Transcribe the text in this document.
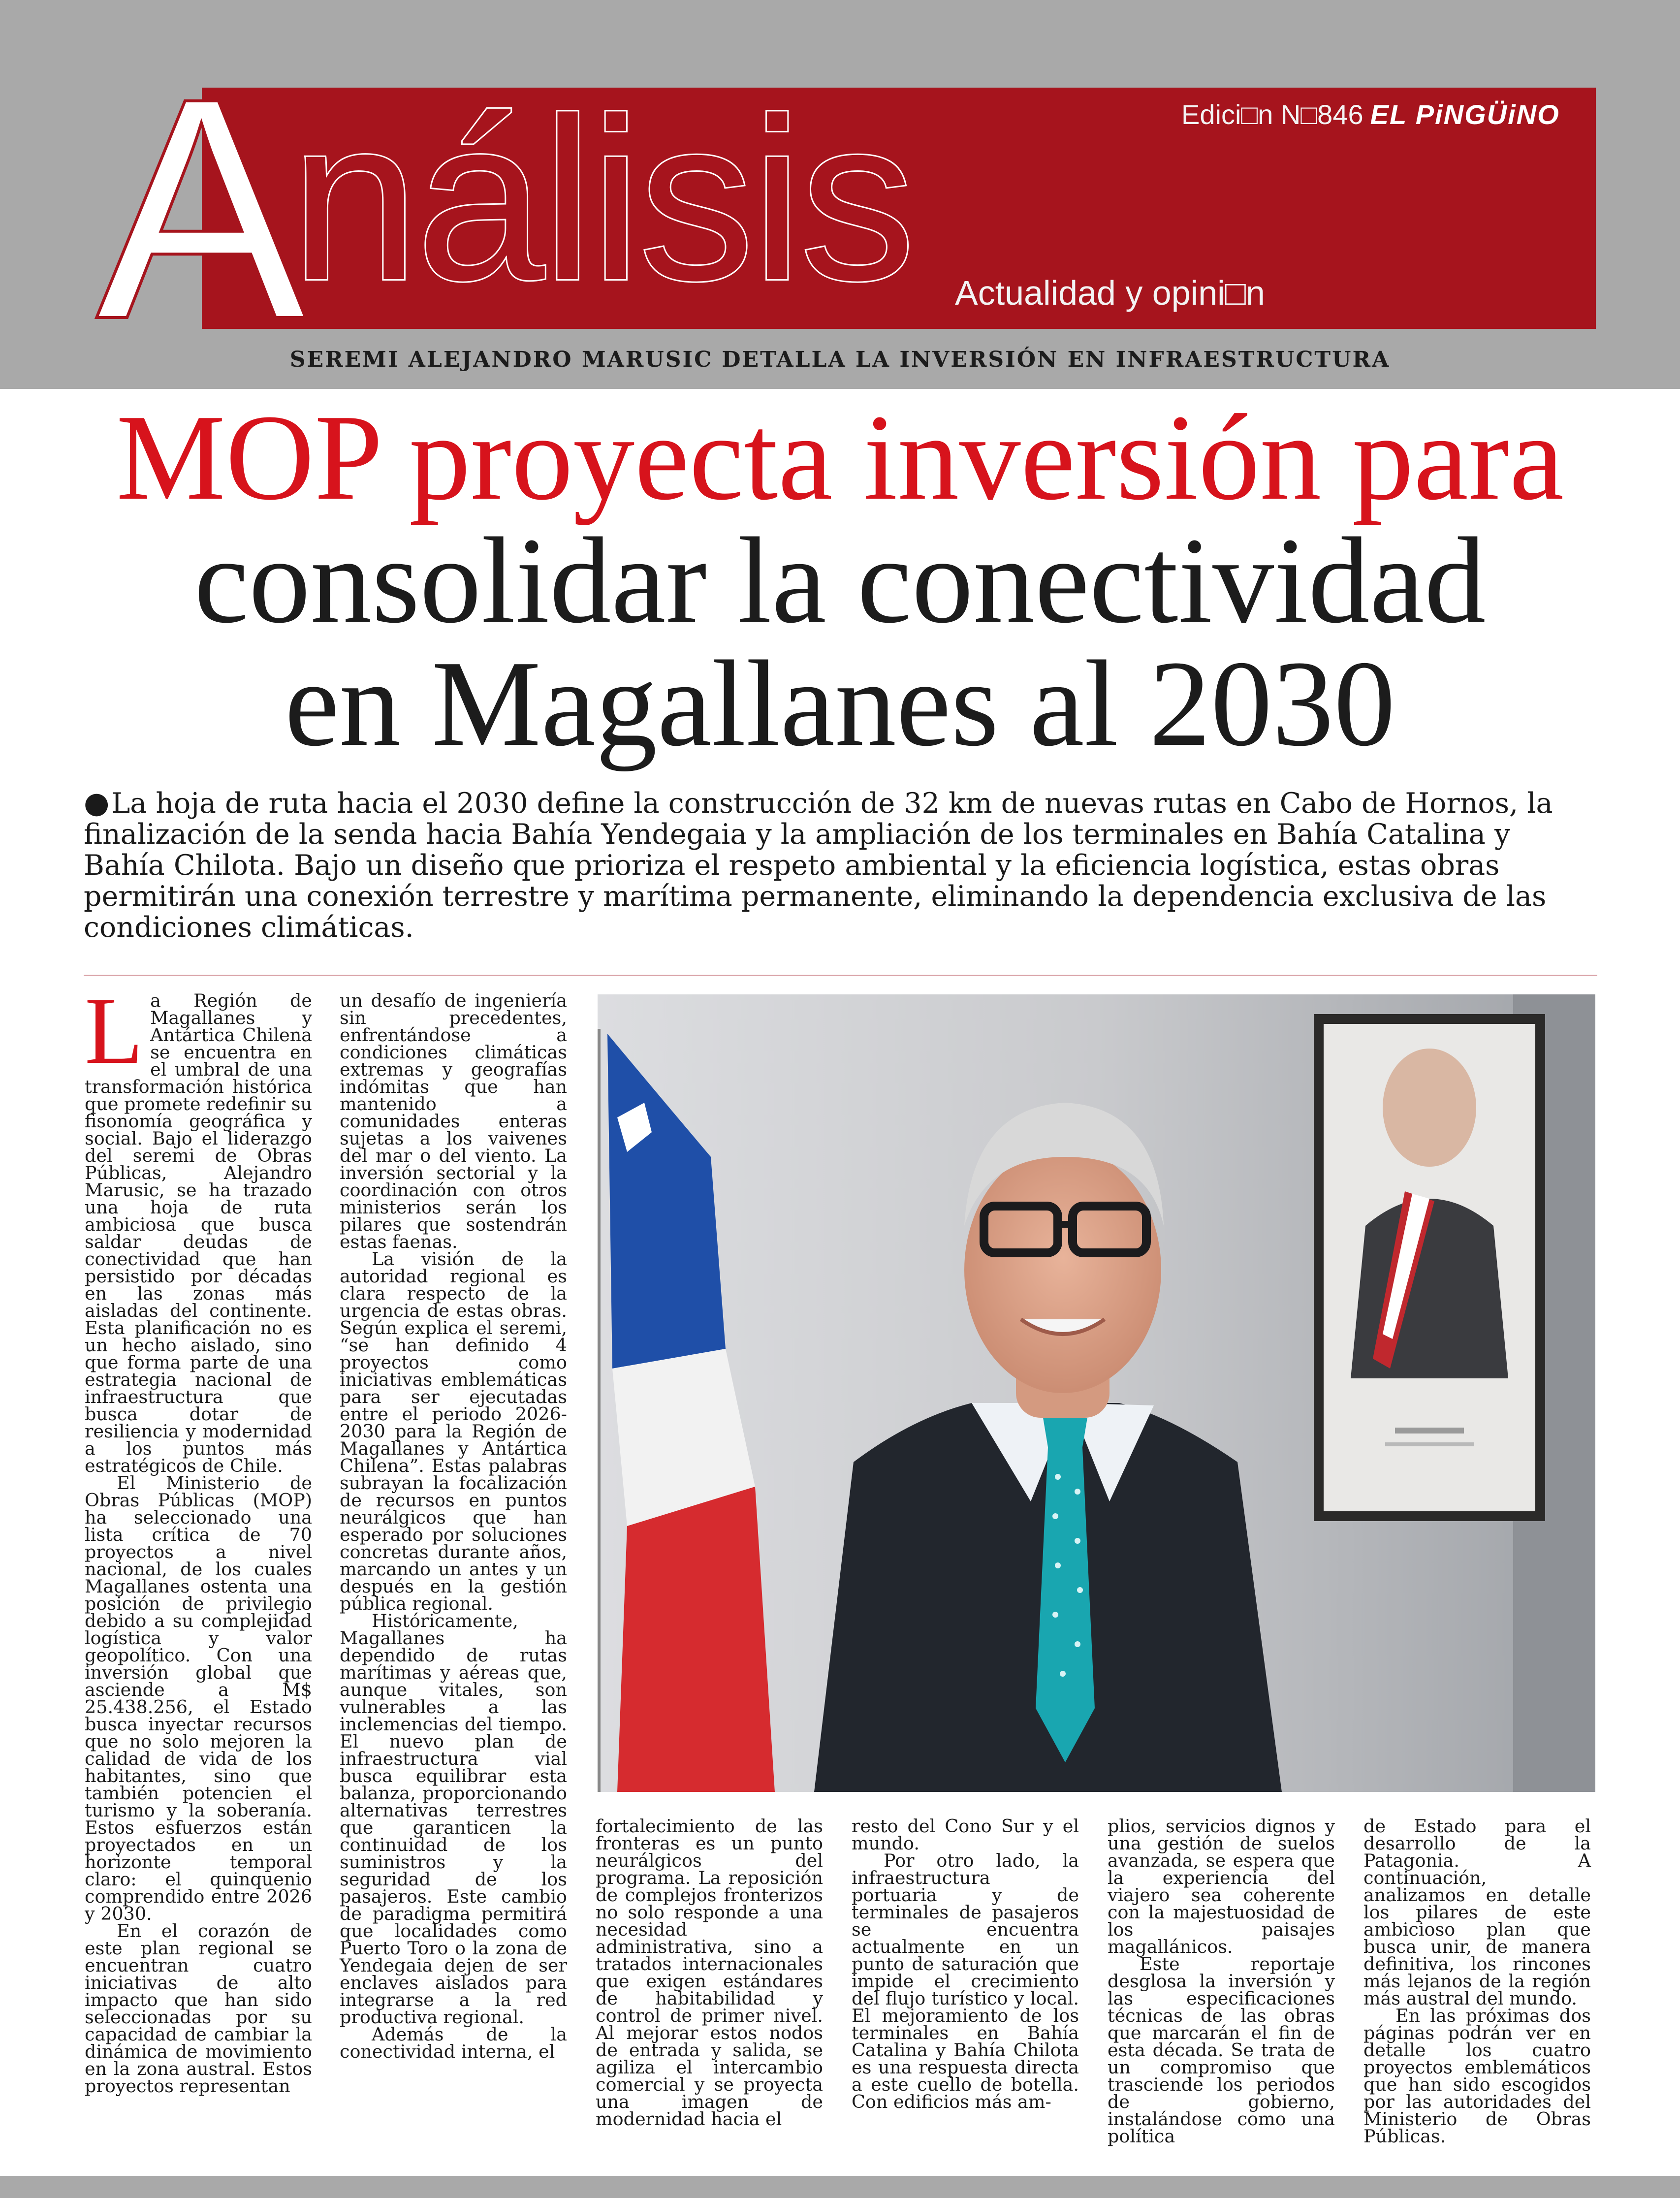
A
nálisis	Edici□n N□846 EL PiNGÜiNO
Actualidad y opini□n
SEREMI ALEJANDRO MARUSIC DETALLA LA INVERSIÓN EN INFRAESTRUCTURA
MOP proyecta inversión para
consolidar la conectividad
en Magallanes al 2030
●La hoja de ruta hacia el 2030 define la construcción de 32 km de nuevas rutas en Cabo de Hornos, la finalización de la senda hacia Bahía Yendegaia y la ampliación de los terminales en Bahía Catalina y Bahía Chilota. Bajo un diseño que prioriza el respeto ambiental y la eficiencia logística, estas obras permitirán una conexión terrestre y marítima permanente, eliminando la dependencia exclusiva de las condiciones climáticas.

La Región de Magallanes y Antártica Chilena se encuentra en el umbral de una transformación histórica que promete redefinir su fisonomía geográfica y social. Bajo el liderazgo del seremi de Obras Públicas, Alejandro Marusic, se ha trazado una hoja de ruta ambiciosa que busca saldar deudas de conectividad que han persistido por décadas en las zonas más aisladas del continente. Esta planificación no es un hecho aislado, sino que forma parte de una estrategia nacional de infraestructura que busca dotar de resiliencia y modernidad a los puntos más estratégicos de Chile.

El Ministerio de Obras Públicas (MOP) ha seleccionado una lista crítica de 70 proyectos a nivel nacional, de los cuales Magallanes ostenta una posición de privilegio debido a su complejidad logística y valor geopolítico. Con una inversión global que asciende a M$ 25.438.256, el Estado busca inyectar recursos que no solo mejoren la calidad de vida de los habitantes, sino que también potencien el turismo y la soberanía. Estos esfuerzos están proyectados en un horizonte temporal claro: el quinquenio comprendido entre 2026 y 2030.

En el corazón de este plan regional se encuentran cuatro iniciativas de alto impacto que han sido seleccionadas por su capacidad de cambiar la dinámica de movimiento en la zona austral. Estos proyectos representan

un desafío de ingeniería sin precedentes, enfrentándose a condiciones climáticas extremas y geografías indómitas que han mantenido a comunidades enteras sujetas a los vaivenes del mar o del viento. La inversión sectorial y la coordinación con otros ministerios serán los pilares que sostendrán estas faenas.

La visión de la autoridad regional es clara respecto de la urgencia de estas obras. Según explica el seremi, “se han definido 4 proyectos como iniciativas emblemáticas para ser ejecutadas entre el periodo 2026-2030 para la Región de Magallanes y Antártica Chilena”. Estas palabras subrayan la focalización de recursos en puntos neurálgicos que han esperado por soluciones concretas durante años, marcando un antes y un después en la gestión pública regional.

Históricamente, Magallanes ha dependido de rutas marítimas y aéreas que, aunque vitales, son vulnerables a las inclemencias del tiempo. El nuevo plan de infraestructura vial busca equilibrar esta balanza, proporcionando alternativas terrestres que garanticen la continuidad de los suministros y la seguridad de los pasajeros. Este cambio de paradigma permitirá que localidades como Puerto Toro o la zona de Yendegaia dejen de ser enclaves aislados para integrarse a la red productiva regional.

Además de la conectividad interna, el

fortalecimiento de las fronteras es un punto neurálgicos del programa. La reposición de complejos fronterizos no solo responde a una necesidad administrativa, sino a tratados internacionales que exigen estándares de habitabilidad y control de primer nivel. Al mejorar estos nodos de entrada y salida, se agiliza el intercambio comercial y se proyecta una imagen de modernidad hacia el

resto del Cono Sur y el mundo.

Por otro lado, la infraestructura portuaria y de terminales de pasajeros se encuentra actualmente en un punto de saturación que impide el crecimiento del flujo turístico y local. El mejoramiento de los terminales en Bahía Catalina y Bahía Chilota es una respuesta directa a este cuello de botella. Con edificios más am-

plios, servicios dignos y una gestión de suelos avanzada, se espera que la experiencia del viajero sea coherente con la majestuosidad de los paisajes magallánicos.

Este reportaje desglosa la inversión y las especificaciones técnicas de las obras que marcarán el fin de esta década. Se trata de un compromiso que trasciende los periodos de gobierno, instalándose como una política

de Estado para el desarrollo de la Patagonia. A continuación, analizamos en detalle los pilares de este ambicioso plan que busca unir, de manera definitiva, los rincones más lejanos de la región más austral del mundo.

En las próximas dos páginas podrán ver en detalle los cuatro proyectos emblemáticos que han sido escogidos por las autoridades del Ministerio de Obras Públicas.
